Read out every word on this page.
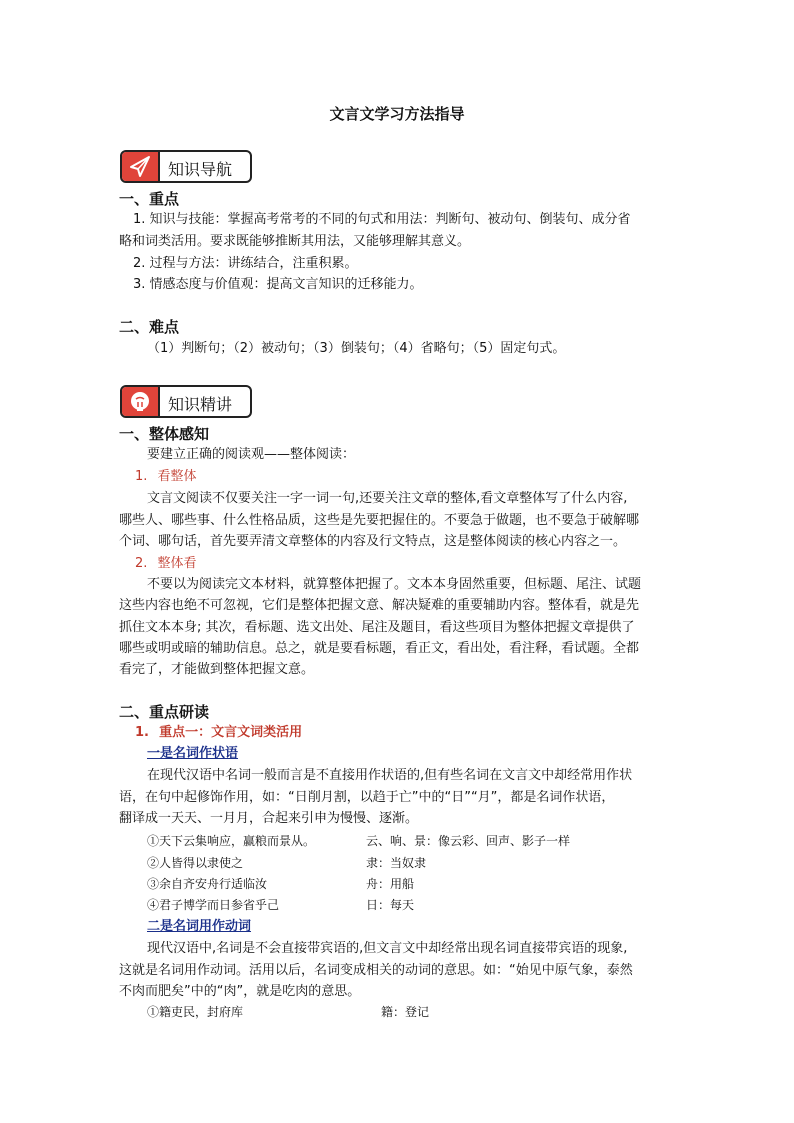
文言文学习方法指导
知识导航
一、重点
1. 知识与技能：掌握高考常考的不同的句式和用法：判断句、被动句、倒装句、成分省
略和词类活用。要求既能够推断其用法，又能够理解其意义。
2. 过程与方法：讲练结合，注重积累。
3. 情感态度与价值观：提高文言知识的迁移能力。
二、难点
（1）判断句；（2）被动句；（3）倒装句；（4）省略句；（5）固定句式。
知识精讲
一、整体感知
要建立正确的阅读观——整体阅读：
1. 看整体
文言文阅读不仅要关注一字一词一句,还要关注文章的整体,看文章整体写了什么内容,
哪些人、哪些事、什么性格品质，这些是先要把握住的。不要急于做题，也不要急于破解哪
个词、哪句话，首先要弄清文章整体的内容及行文特点，这是整体阅读的核心内容之一。
2. 整体看
不要以为阅读完文本材料，就算整体把握了。文本本身固然重要，但标题、尾注、试题
这些内容也绝不可忽视，它们是整体把握文意、解决疑难的重要辅助内容。整体看，就是先
抓住文本本身; 其次，看标题、选文出处、尾注及题目，看这些项目为整体把握文章提供了
哪些或明或暗的辅助信息。总之，就是要看标题，看正文，看出处，看注释，看试题。全都
看完了，才能做到整体把握文意。
二、重点研读
1. 重点一：文言文词类活用
一是名词作状语
在现代汉语中名词一般而言是不直接用作状语的,但有些名词在文言文中却经常用作状
语，在句中起修饰作用，如：“日削月割，以趋于亡”中的“日”“月”，都是名词作状语，
翻译成一天天、一月月，合起来引申为慢慢、逐渐。
①天下云集响应，赢粮而景从。	云、响、景：像云彩、回声、影子一样
②人皆得以隶使之	隶：当奴隶
③余自齐安舟行适临汝	舟：用船
④君子博学而日参省乎己	日：每天
二是名词用作动词
现代汉语中,名词是不会直接带宾语的,但文言文中却经常出现名词直接带宾语的现象,
这就是名词用作动词。活用以后，名词变成相关的动词的意思。如：“始见中原气象，泰然
不肉而肥矣”中的“肉”，就是吃肉的意思。
①籍吏民，封府库	籍：登记
